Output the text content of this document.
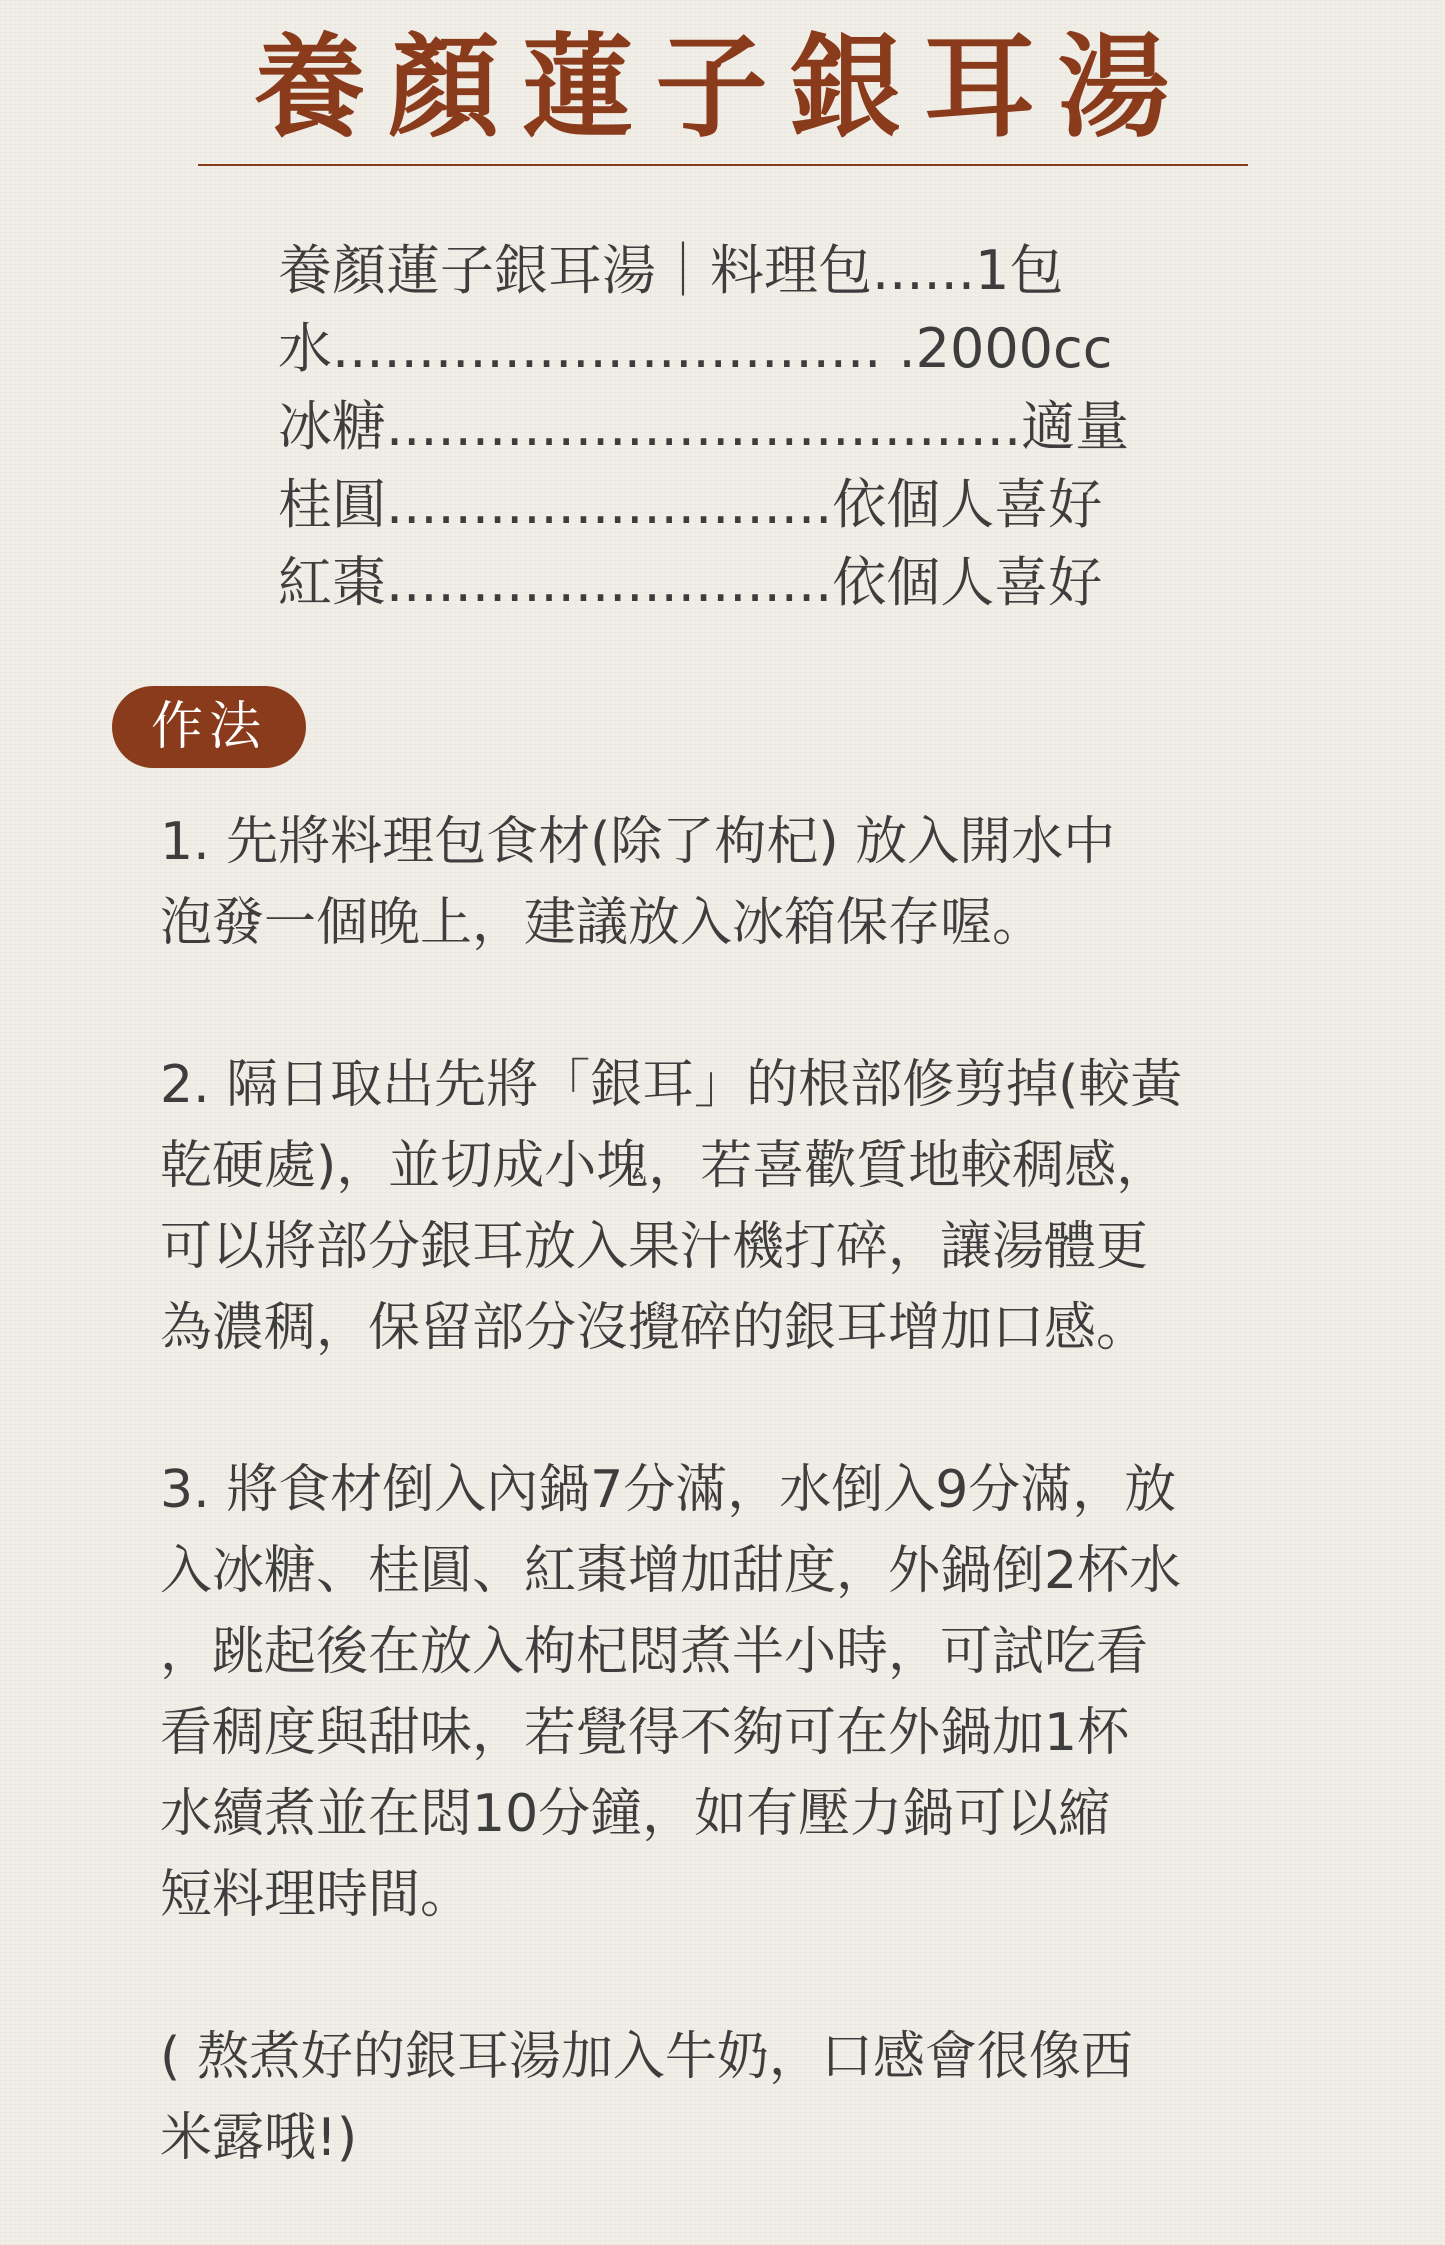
養顏蓮子銀耳湯
養顏蓮子銀耳湯｜料理包......1包
水................................ .2000cc
冰糖.....................................適量
桂圓..........................依個人喜好
紅棗..........................依個人喜好
作法
1. 先將料理包食材(除了枸杞) 放入開水中
泡發一個晚上，建議放入冰箱保存喔。
2. 隔日取出先將「銀耳」的根部修剪掉(較黃
乾硬處)，並切成小塊，若喜歡質地較稠感，
可以將部分銀耳放入果汁機打碎，讓湯體更
為濃稠，保留部分沒攪碎的銀耳增加口感。
3. 將食材倒入內鍋7分滿，水倒入9分滿，放
入冰糖、桂圓、紅棗增加甜度，外鍋倒2杯水
，跳起後在放入枸杞悶煮半小時，可試吃看
看稠度與甜味，若覺得不夠可在外鍋加1杯
水續煮並在悶10分鐘，如有壓力鍋可以縮
短料理時間。
( 熬煮好的銀耳湯加入牛奶，口感會很像西
米露哦!)
